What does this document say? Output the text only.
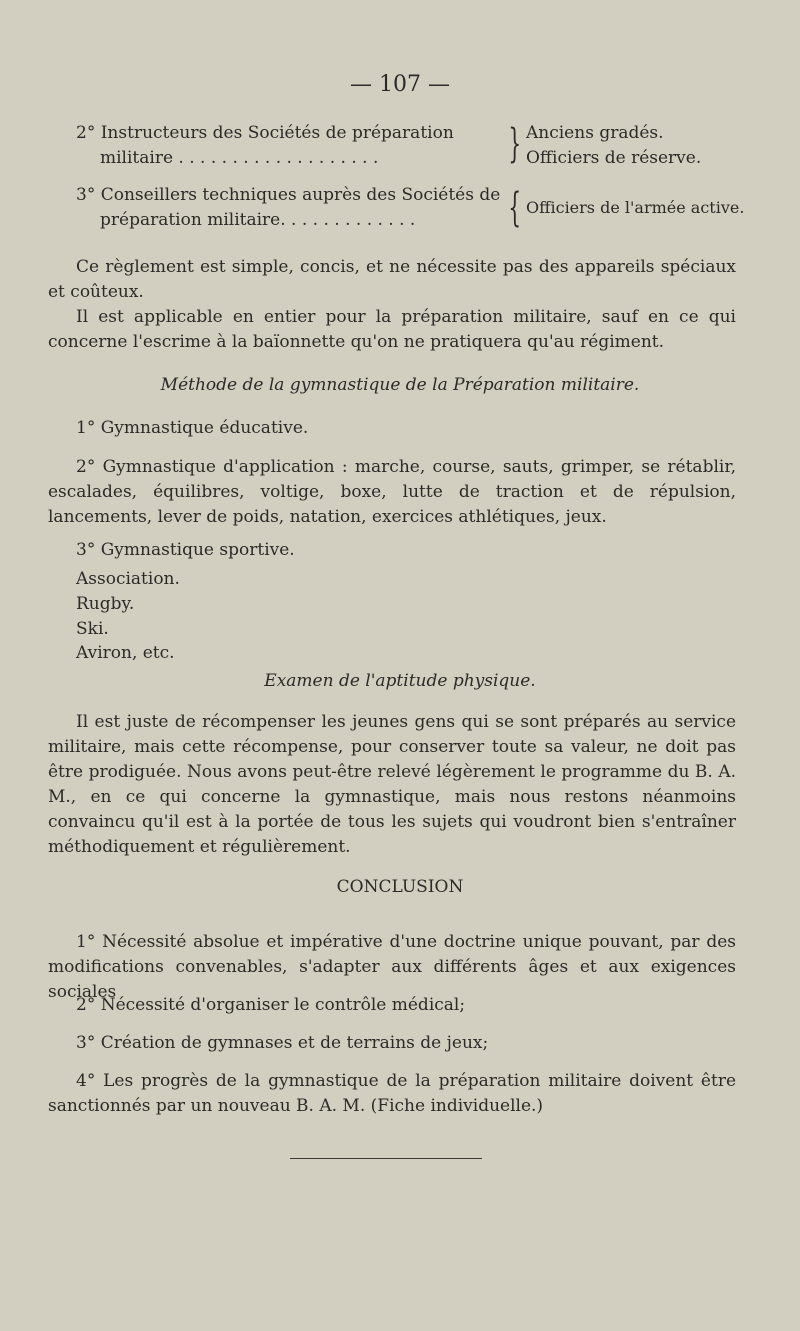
— 107 —
2° Instructeurs des Sociétés de préparation
militaire . . . . . . . . . . . . . . . . . . .	} Anciens gradés.
Officiers de réserve.
3° Conseillers techniques auprès des Sociétés de
préparation militaire. . . . . . . . . . . . . { Officiers de l'armée active.
Ce règlement est simple, concis, et ne nécessite pas des appareils spéciaux et coûteux.
Il est applicable en entier pour la préparation militaire, sauf en ce qui concerne l'escrime à la baïonnette qu'on ne pratiquera qu'au régiment.
Méthode de la gymnastique de la Préparation militaire.
1° Gymnastique éducative.
2° Gymnastique d'application : marche, course, sauts, grimper, se rétablir, escalades, équilibres, voltige, boxe, lutte de traction et de répulsion, lancements, lever de poids, natation, exercices athlétiques, jeux.
3° Gymnastique sportive.
Association.
Rugby.
Ski.
Aviron, etc.
Examen de l'aptitude physique.
Il est juste de récompenser les jeunes gens qui se sont préparés au service militaire, mais cette récompense, pour conserver toute sa valeur, ne doit pas être prodiguée. Nous avons peut-être relevé légèrement le programme du B. A. M., en ce qui concerne la gymnastique, mais nous restons néanmoins convaincu qu'il est à la portée de tous les sujets qui voudront bien s'entraîner méthodiquement et régulièrement.
CONCLUSION
1° Nécessité absolue et impérative d'une doctrine unique pouvant, par des modifications convenables, s'adapter aux différents âges et aux exigences sociales
2° Nécessité d'organiser le contrôle médical;
3° Création de gymnases et de terrains de jeux;
4° Les progrès de la gymnastique de la préparation militaire doivent être sanctionnés par un nouveau B. A. M. (Fiche individuelle.)
